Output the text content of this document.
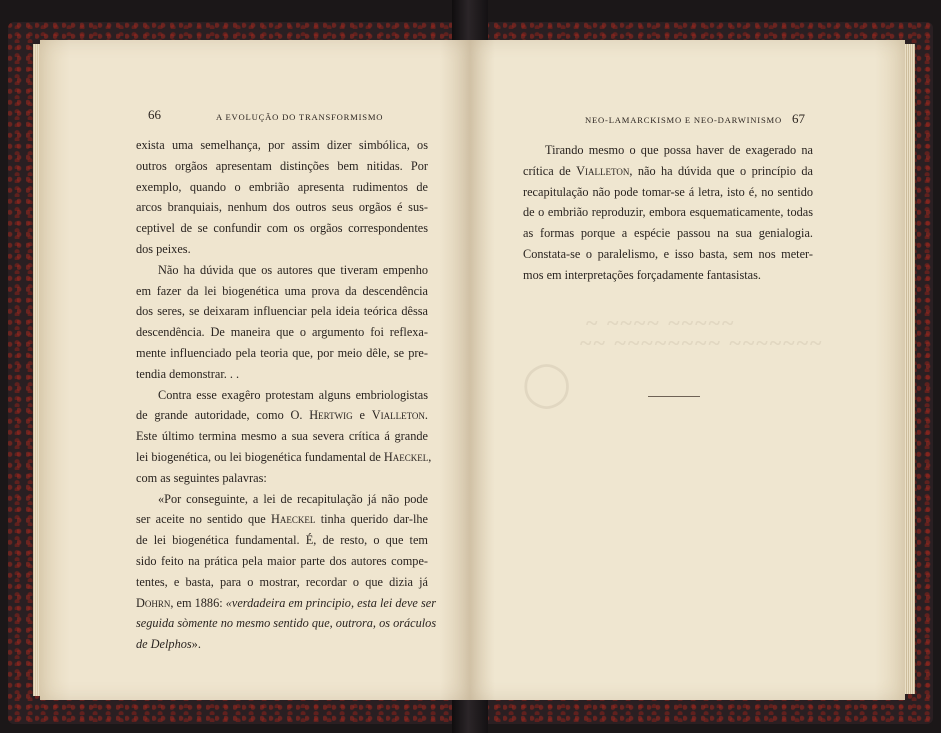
66	A EVOLUÇÃO DO TRANSFORMISMO
exista uma semelhança, por assim dizer simbólica, os
outros orgãos apresentam distinções bem nitidas. Por
exemplo, quando o embrião apresenta rudimentos de
arcos branquiais, nenhum dos outros seus orgãos é sus-
ceptivel de se confundir com os orgãos correspondentes
dos peixes.
Não ha dúvida que os autores que tiveram empenho
em fazer da lei biogenética uma prova da descendência
dos seres, se deixaram influenciar pela ideia teórica dêssa
descendência. De maneira que o argumento foi reflexa-
mente influenciado pela teoria que, por meio dêle, se pre-
tendia demonstrar. . .
Contra esse exagêro protestam alguns embriologistas
de grande autoridade, como O. Hertwig e Vialleton.
Este último termina mesmo a sua severa crítica á grande
lei biogenética, ou lei biogenética fundamental de Haeckel,
com as seguintes palavras:
«Por conseguinte, a lei de recapitulação já não pode
ser aceite no sentido que Haeckel tinha querido dar-lhe
de lei biogenética fundamental. É, de resto, o que tem
sido feito na prática pela maior parte dos autores compe-
tentes, e basta, para o mostrar, recordar o que dizia já
Dohrn, em 1886: «verdadeira em principio, esta lei deve ser
seguida sòmente no mesmo sentido que, outrora, os oráculos
de Delphos».
NEO-LAMARCKISMO E NEO-DARWINISMO 67
Tirando mesmo o que possa haver de exagerado na
crítica de Vialleton, não ha dúvida que o princípio da
recapitulação não pode tomar-se á letra, isto é, no sentido
de o embrião reproduzir, embora esquematicamente, todas
as formas porque a espécie passou na sua genialogia.
Constata-se o paralelismo, e isso basta, sem nos meter-
mos em interpretações forçadamente fantasistas.
~ ~~~~ ~~~~~
~~ ~~~~~~~~ ~~~~~~~
◯
